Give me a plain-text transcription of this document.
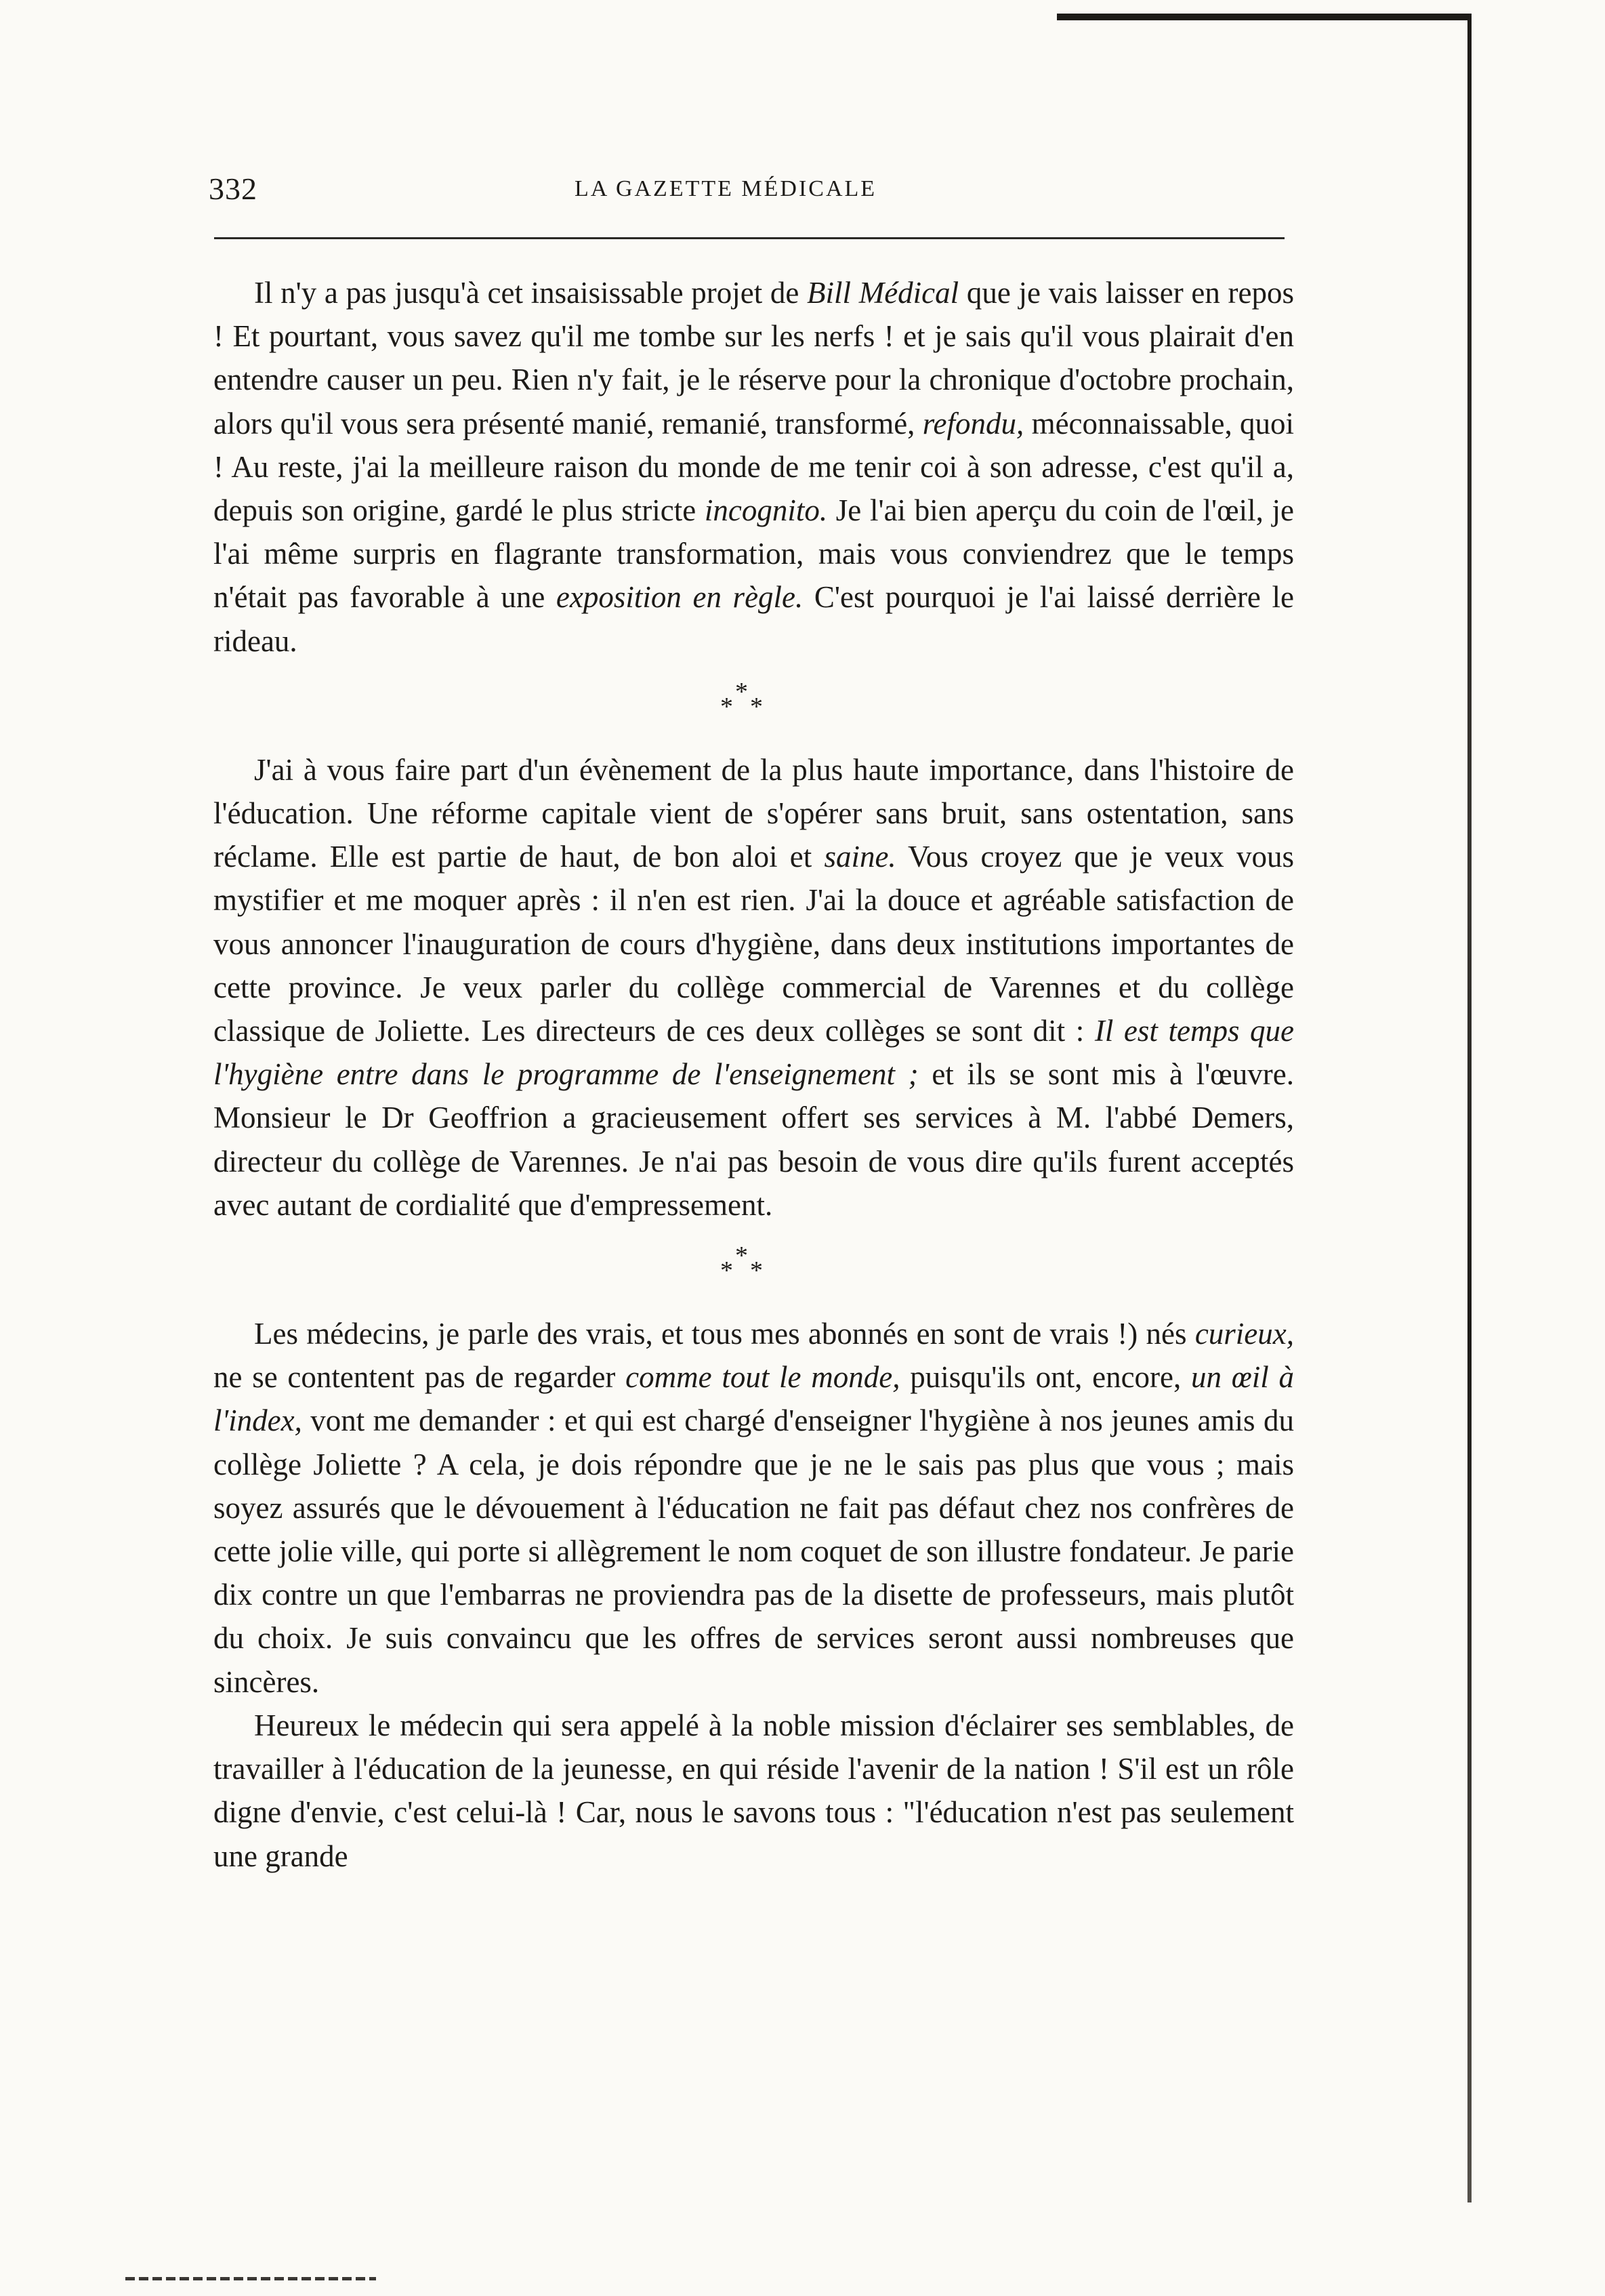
332	LA GAZETTE MÉDICALE

Il n'y a pas jusqu'à cet insaisissable projet de Bill Médical que je vais laisser en repos ! Et pourtant, vous savez qu'il me tombe sur les nerfs ! et je sais qu'il vous plairait d'en entendre causer un peu. Rien n'y fait, je le réserve pour la chronique d'octobre prochain, alors qu'il vous sera présenté manié, remanié, transformé, refondu, méconnaissable, quoi ! Au reste, j'ai la meilleure raison du monde de me tenir coi à son adresse, c'est qu'il a, depuis son origine, gardé le plus stricte incognito. Je l'ai bien aperçu du coin de l'œil, je l'ai même surpris en flagrante transformation, mais vous conviendrez que le temps n'était pas favorable à une exposition en règle. C'est pourquoi je l'ai laissé derrière le rideau.

*
* *

J'ai à vous faire part d'un évènement de la plus haute importance, dans l'histoire de l'éducation. Une réforme capitale vient de s'opérer sans bruit, sans ostentation, sans réclame. Elle est partie de haut, de bon aloi et saine. Vous croyez que je veux vous mystifier et me moquer après : il n'en est rien. J'ai la douce et agréable satisfaction de vous annoncer l'inauguration de cours d'hygiène, dans deux institutions importantes de cette province. Je veux parler du collège commercial de Varennes et du collège classique de Joliette. Les directeurs de ces deux collèges se sont dit : Il est temps que l'hygiène entre dans le programme de l'enseignement ; et ils se sont mis à l'œuvre. Monsieur le Dr Geoffrion a gracieusement offert ses services à M. l'abbé Demers, directeur du collège de Varennes. Je n'ai pas besoin de vous dire qu'ils furent acceptés avec autant de cordialité que d'empressement.

*
* *

Les médecins, je parle des vrais, et tous mes abonnés en sont de vrais !) nés curieux, ne se contentent pas de regarder comme tout le monde, puisqu'ils ont, encore, un œil à l'index, vont me demander : et qui est chargé d'enseigner l'hygiène à nos jeunes amis du collège Joliette ? A cela, je dois répondre que je ne le sais pas plus que vous ; mais soyez assurés que le dévouement à l'éducation ne fait pas défaut chez nos confrères de cette jolie ville, qui porte si allègrement le nom coquet de son illustre fondateur. Je parie dix contre un que l'embarras ne proviendra pas de la disette de professeurs, mais plutôt du choix. Je suis convaincu que les offres de services seront aussi nombreuses que sincères.

Heureux le médecin qui sera appelé à la noble mission d'éclairer ses semblables, de travailler à l'éducation de la jeunesse, en qui réside l'avenir de la nation ! S'il est un rôle digne d'envie, c'est celui-là ! Car, nous le savons tous : "l'éducation n'est pas seulement une grande
